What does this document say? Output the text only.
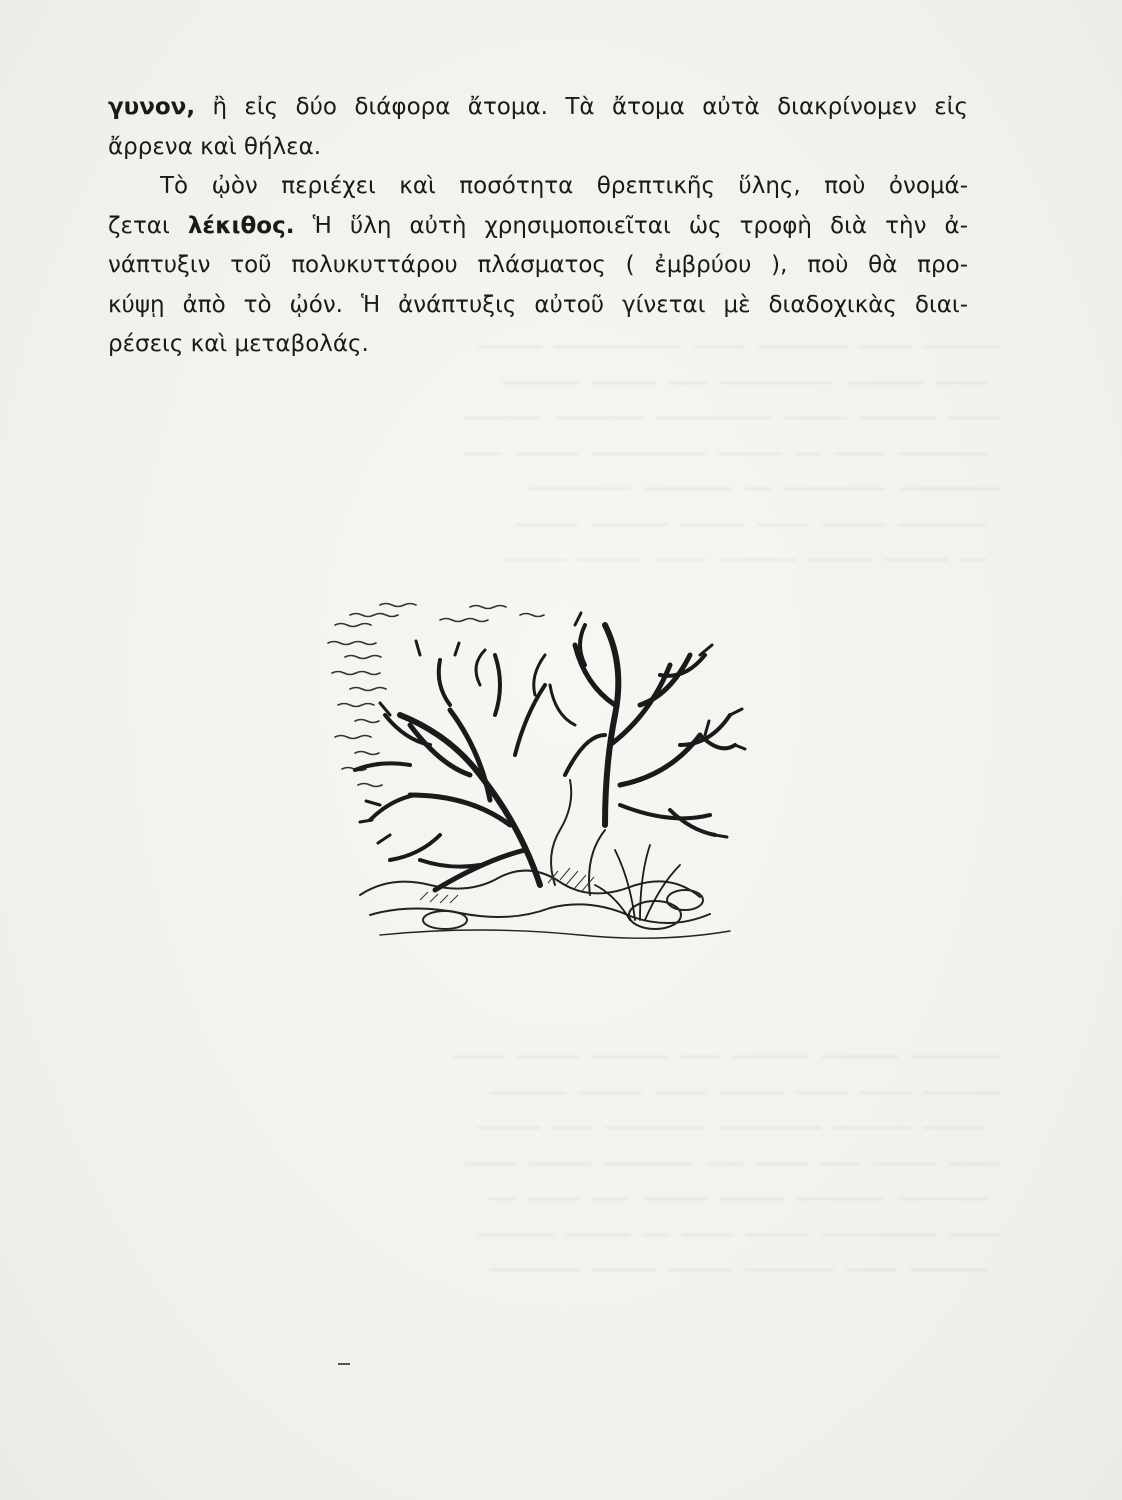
──────  ────  ───────  ────  ──────────  ─────
────  ──────  ─────────  ───  ─────  ──────
────  ──────  ─────  ─────────  ───────  ──────
───────  ────  ──  ─────  ─────────  ─────  ───
────────  ────────  ──  ───────  ────────
───────  ─────  ────  ─────  ──────  ─────
──  ─────  ─────  ──────  ────  ─────  ─────
───────  ──────  ──────  ───  ──────  ─────  ────
──────  ────  ────  ─────  ────  ─────  ──────
─────  ──────  ────────  ────────  ───  ─────
────  ─────  ───  ────  ───  ───────  ─────  ────
───────  ───────  ─────  ─────  ───  ────  ──
────  ─────────  ─────  ────  ──  ─────  ──────
──────  ────  ───────  ─────  ─────  ───────

γυνον, ἢ εἰς δύο διάφορα ἄτομα. Τὰ ἄτομα αὐτὰ διακρίνομεν εἰς
ἄρρενα καὶ θήλεα.

Τὸ ᾠὸν περιέχει καὶ ποσότητα θρεπτικῆς ὕλης, ποὺ ὀνομά-
ζεται λέκιθος. Ἡ ὕλη αὐτὴ χρησιμοποιεῖται ὡς τροφὴ διὰ τὴν ἀ-
νάπτυξιν τοῦ πολυκυττάρου πλάσματος ( ἐμβρύου ), ποὺ θὰ προ-
κύψῃ ἀπὸ τὸ ᾠόν. Ἡ ἀνάπτυξις αὐτοῦ γίνεται μὲ διαδοχικὰς διαι-
ρέσεις καὶ μεταβολάς.
